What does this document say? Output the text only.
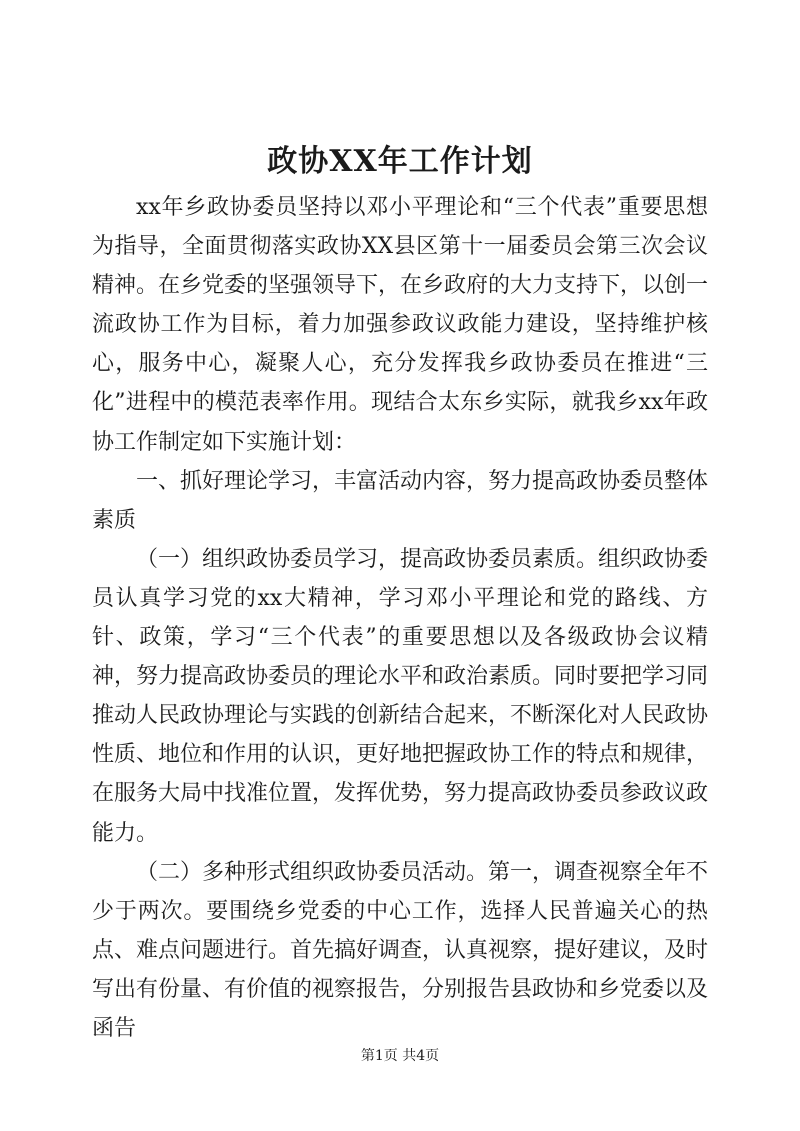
政协XX年工作计划

xx年乡政协委员坚持以邓小平理论和“三个代表”重要思想为指导，全面贯彻落实政协XX县区第十一届委员会第三次会议精神。在乡党委的坚强领导下，在乡政府的大力支持下，以创一流政协工作为目标，着力加强参政议政能力建设，坚持维护核心，服务中心，凝聚人心，充分发挥我乡政协委员在推进“三化”进程中的模范表率作用。现结合太东乡实际，就我乡xx年政协工作制定如下实施计划：

一、抓好理论学习，丰富活动内容，努力提高政协委员整体素质

（一）组织政协委员学习，提高政协委员素质。组织政协委员认真学习党的xx大精神，学习邓小平理论和党的路线、方针、政策，学习“三个代表”的重要思想以及各级政协会议精神，努力提高政协委员的理论水平和政治素质。同时要把学习同推动人民政协理论与实践的创新结合起来，不断深化对人民政协性质、地位和作用的认识，更好地把握政协工作的特点和规律，在服务大局中找准位置，发挥优势，努力提高政协委员参政议政能力。

（二）多种形式组织政协委员活动。第一，调查视察全年不少于两次。要围绕乡党委的中心工作，选择人民普遍关心的热点、难点问题进行。首先搞好调查，认真视察，提好建议，及时写出有份量、有价值的视察报告，分别报告县政协和乡党委以及函告

第1页 共4页
